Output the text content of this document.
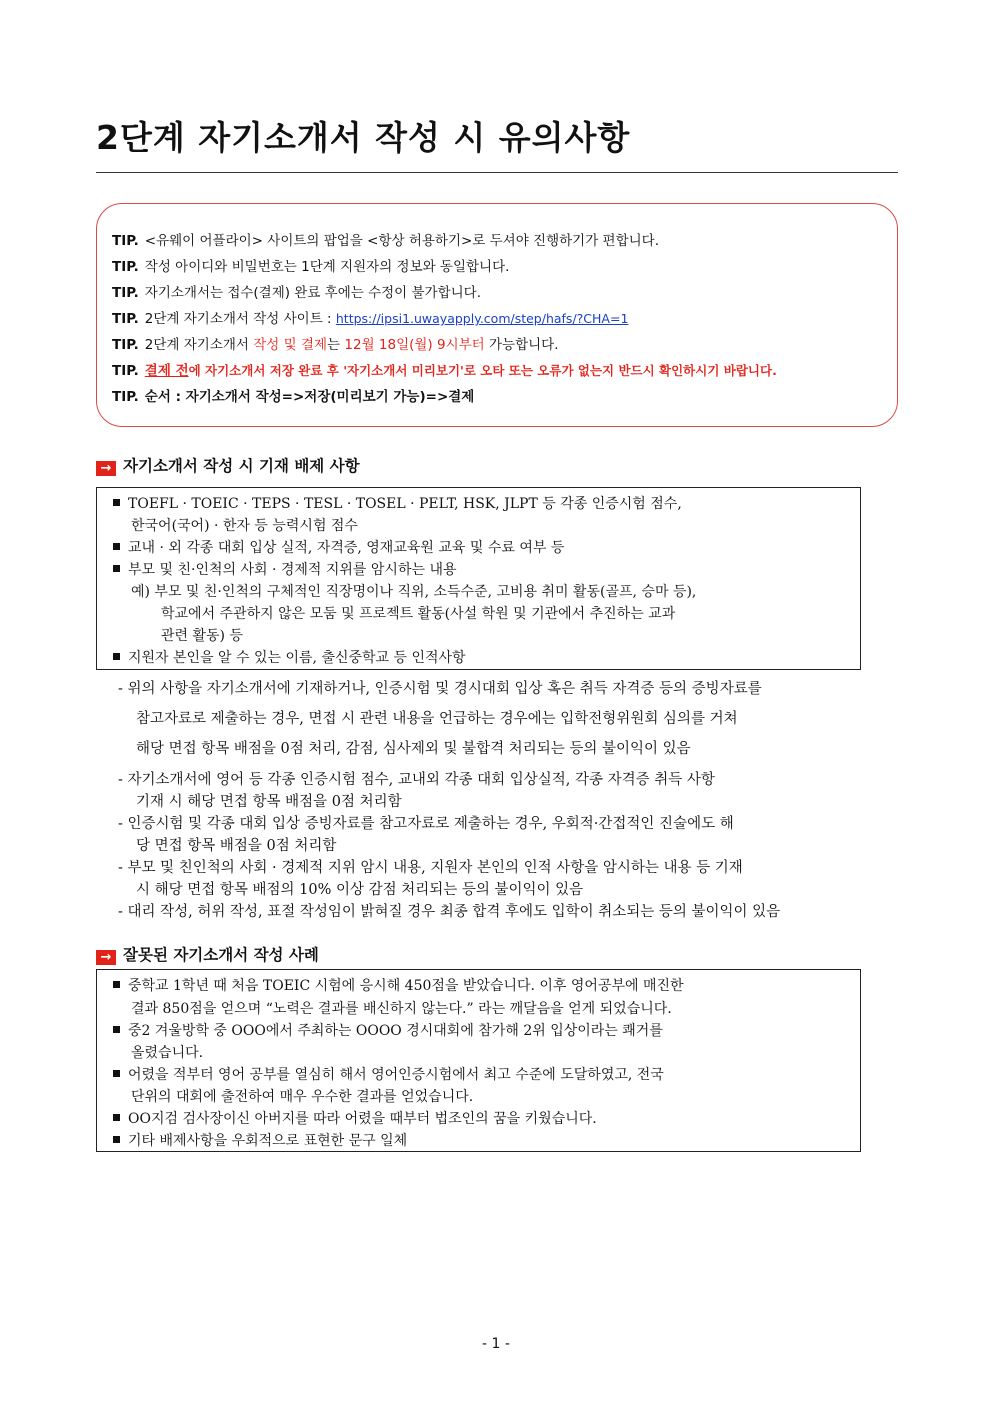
2단계 자기소개서 작성 시 유의사항
TIP. <유웨이 어플라이> 사이트의 팝업을 <항상 허용하기>로 두셔야 진행하기가 편합니다.
TIP. 작성 아이디와 비밀번호는 1단계 지원자의 정보와 동일합니다.
TIP. 자기소개서는 접수(결제) 완료 후에는 수정이 불가합니다.
TIP. 2단계 자기소개서 작성 사이트 : https://ipsi1.uwayapply.com/step/hafs/?CHA=1
TIP. 2단계 자기소개서 작성 및 결제는 12월 18일(월) 9시부터 가능합니다.
TIP. 결제 전에 자기소개서 저장 완료 후 '자기소개서 미리보기'로 오타 또는 오류가 없는지 반드시 확인하시기 바랍니다.
TIP. 순서 : 자기소개서 작성=>저장(미리보기 가능)=>결제
→ 자기소개서 작성 시 기재 배제 사항
TOEFL · TOEIC · TEPS · TESL · TOSEL · PELT, HSK, JLPT 등 각종 인증시험 점수,
한국어(국어) · 한자 등 능력시험 점수
교내 · 외 각종 대회 입상 실적, 자격증, 영재교육원 교육 및 수료 여부 등
부모 및 친·인척의 사회 · 경제적 지위를 암시하는 내용
예) 부모 및 친·인척의 구체적인 직장명이나 직위, 소득수준, 고비용 취미 활동(골프, 승마 등),
학교에서 주관하지 않은 모둠 및 프로젝트 활동(사설 학원 및 기관에서 추진하는 교과
관련 활동) 등
지원자 본인을 알 수 있는 이름, 출신중학교 등 인적사항
- 위의 사항을 자기소개서에 기재하거나, 인증시험 및 경시대회 입상 혹은 취득 자격증 등의 증빙자료를
참고자료로 제출하는 경우, 면접 시 관련 내용을 언급하는 경우에는 입학전형위원회 심의를 거쳐
해당 면접 항목 배점을 0점 처리, 감점, 심사제외 및 불합격 처리되는 등의 불이익이 있음
- 자기소개서에 영어 등 각종 인증시험 점수, 교내외 각종 대회 입상실적, 각종 자격증 취득 사항
기재 시 해당 면접 항목 배점을 0점 처리함
- 인증시험 및 각종 대회 입상 증빙자료를 참고자료로 제출하는 경우, 우회적·간접적인 진술에도 해
당 면접 항목 배점을 0점 처리함
- 부모 및 친인척의 사회 · 경제적 지위 암시 내용, 지원자 본인의 인적 사항을 암시하는 내용 등 기재
시 해당 면접 항목 배점의 10% 이상 감점 처리되는 등의 불이익이 있음
- 대리 작성, 허위 작성, 표절 작성임이 밝혀질 경우 최종 합격 후에도 입학이 취소되는 등의 불이익이 있음
→ 잘못된 자기소개서 작성 사례
중학교 1학년 때 처음 TOEIC 시험에 응시해 450점을 받았습니다. 이후 영어공부에 매진한
결과 850점을 얻으며 “노력은 결과를 배신하지 않는다.” 라는 깨달음을 얻게 되었습니다.
중2 겨울방학 중 OOO에서 주최하는 OOOO 경시대회에 참가해 2위 입상이라는 쾌거를
올렸습니다.
어렸을 적부터 영어 공부를 열심히 해서 영어인증시험에서 최고 수준에 도달하였고, 전국
단위의 대회에 출전하여 매우 우수한 결과를 얻었습니다.
OO지검 검사장이신 아버지를 따라 어렸을 때부터 법조인의 꿈을 키웠습니다.
기타 배제사항을 우회적으로 표현한 문구 일체
- 1 -
